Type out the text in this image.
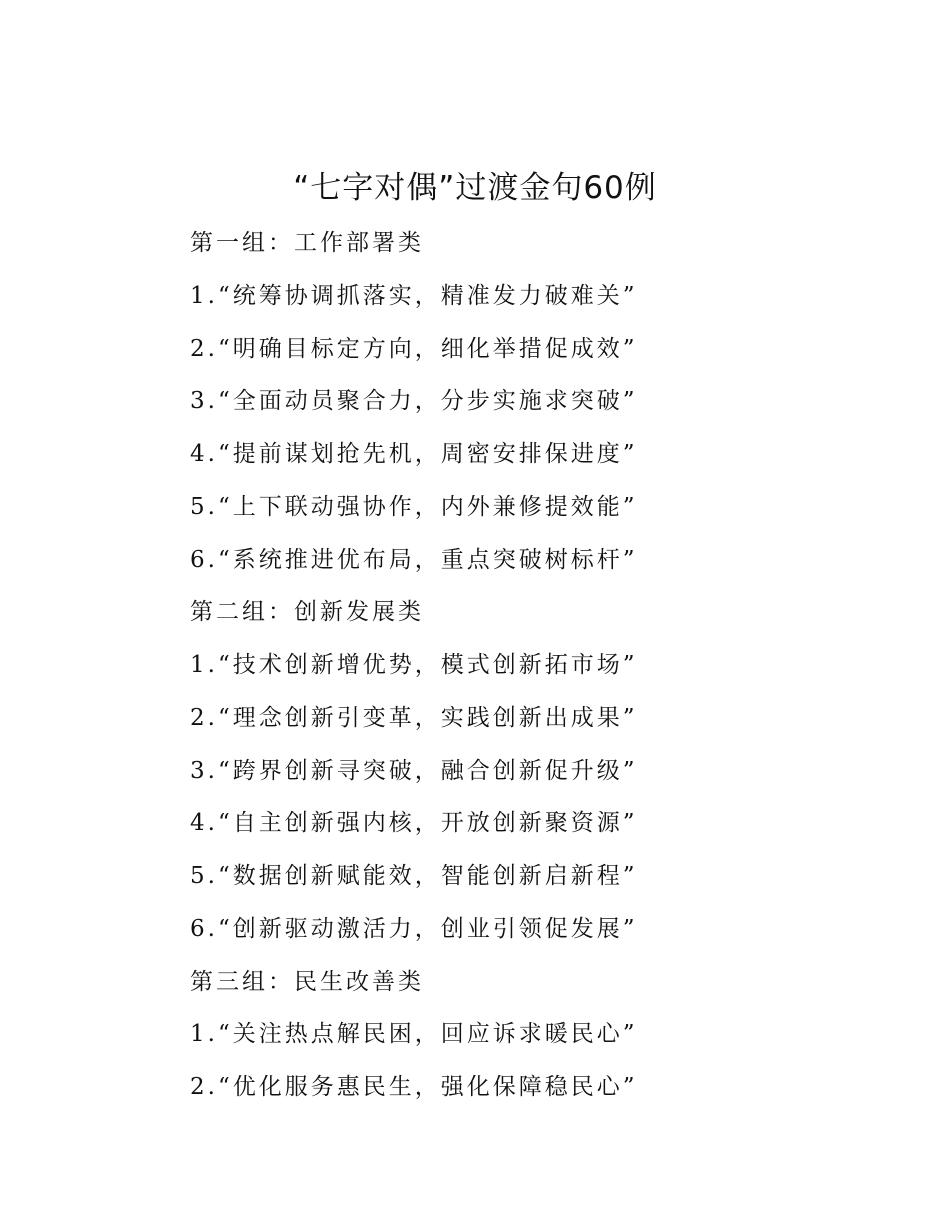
“七字对偶”过渡金句60例
第一组：工作部署类
1.“统筹协调抓落实，精准发力破难关”
2.“明确目标定方向，细化举措促成效”
3.“全面动员聚合力，分步实施求突破”
4.“提前谋划抢先机，周密安排保进度”
5.“上下联动强协作，内外兼修提效能”
6.“系统推进优布局，重点突破树标杆”
第二组：创新发展类
1.“技术创新增优势，模式创新拓市场”
2.“理念创新引变革，实践创新出成果”
3.“跨界创新寻突破，融合创新促升级”
4.“自主创新强内核，开放创新聚资源”
5.“数据创新赋能效，智能创新启新程”
6.“创新驱动激活力，创业引领促发展”
第三组：民生改善类
1.“关注热点解民困，回应诉求暖民心”
2.“优化服务惠民生，强化保障稳民心”
